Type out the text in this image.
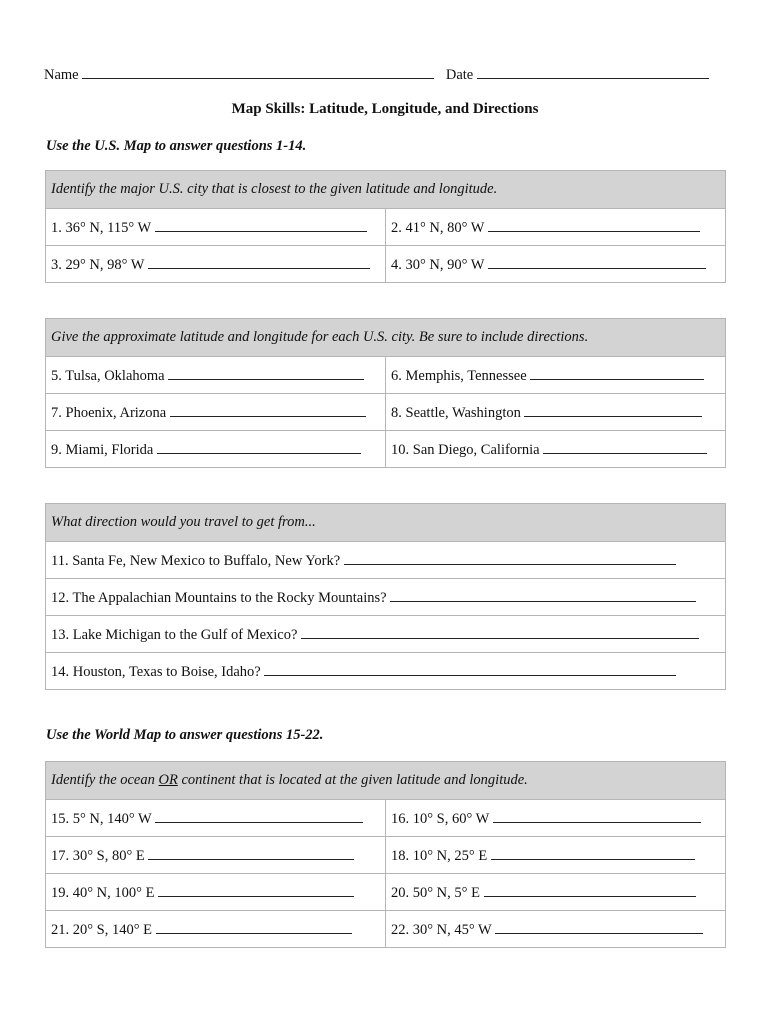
Name	Date
Map Skills: Latitude, Longitude, and Directions
Use the U.S. Map to answer questions 1-14.
Identify the major U.S. city that is closest to the given latitude and longitude.	
1. 36° N, 115° W	2. 41° N, 80° W
3. 29° N, 98° W	4. 30° N, 90° W
Give the approximate latitude and longitude for each U.S. city. Be sure to include directions.	
5. Tulsa, Oklahoma	6. Memphis, Tennessee
7. Phoenix, Arizona	8. Seattle, Washington
9. Miami, Florida	10. San Diego, California
What direction would you travel to get from...
11. Santa Fe, New Mexico to Buffalo, New York?
12. The Appalachian Mountains to the Rocky Mountains?
13. Lake Michigan to the Gulf of Mexico?
14. Houston, Texas to Boise, Idaho?
Use the World Map to answer questions 15-22.
Identify the ocean OR continent that is located at the given latitude and longitude.	
15. 5° N, 140° W	16. 10° S, 60° W
17. 30° S, 80° E	18. 10° N, 25° E
19. 40° N, 100° E	20. 50° N, 5° E
21. 20° S, 140° E	22. 30° N, 45° W
